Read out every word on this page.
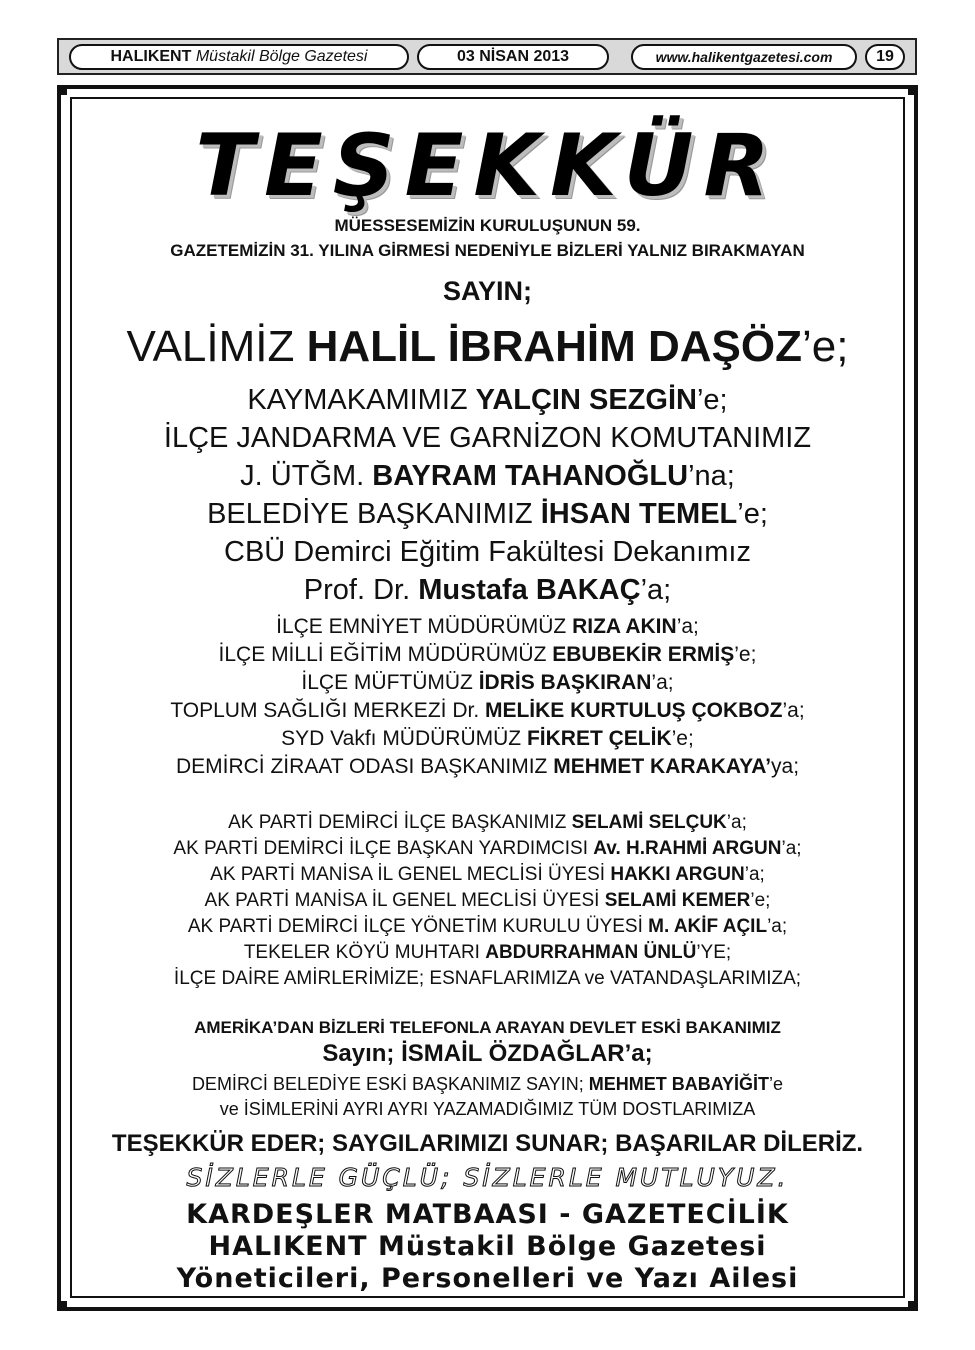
HALIKENT
Müstakil Bölge Gazetesi	03 NİSAN 2013	www.halikentgazetesi.com	19
TEŞEKKÜR
MÜESSESEMİZİN KURULUŞUNUN 59.
GAZETEMİZİN 31. YILINA GİRMESİ NEDENİYLE BİZLERİ YALNIZ BIRAKMAYAN
SAYIN;
VALİMİZ HALİL İBRAHİM DAŞÖZ’e;
KAYMAKAMIMIZ YALÇIN SEZGİN’e;
İLÇE JANDARMA VE GARNİZON KOMUTANIMIZ
J. ÜTĞM. BAYRAM TAHANOĞLU’na;
BELEDİYE BAŞKANIMIZ İHSAN TEMEL’e;
CBÜ Demirci Eğitim Fakültesi Dekanımız
Prof. Dr. Mustafa BAKAÇ’a;
İLÇE EMNİYET MÜDÜRÜMÜZ RIZA AKIN’a;
İLÇE MİLLİ EĞİTİM MÜDÜRÜMÜZ EBUBEKİR ERMİŞ’e;
İLÇE MÜFTÜMÜZ İDRİS BAŞKIRAN’a;
TOPLUM SAĞLIĞI MERKEZİ Dr. MELİKE KURTULUŞ ÇOKBOZ’a;
SYD Vakfı MÜDÜRÜMÜZ FİKRET ÇELİK’e;
DEMİRCİ ZİRAAT ODASI BAŞKANIMIZ MEHMET KARAKAYA’ya;
AK PARTİ DEMİRCİ İLÇE BAŞKANIMIZ SELAMİ SELÇUK’a;
AK PARTİ DEMİRCİ İLÇE BAŞKAN YARDIMCISI Av. H.RAHMİ ARGUN’a;
AK PARTİ MANİSA İL GENEL MECLİSİ ÜYESİ HAKKI ARGUN’a;
AK PARTİ MANİSA İL GENEL MECLİSİ ÜYESİ SELAMİ KEMER’e;
AK PARTİ DEMİRCİ İLÇE YÖNETİM KURULU ÜYESİ M. AKİF AÇIL’a;
TEKELER KÖYÜ MUHTARI ABDURRAHMAN ÜNLÜ’YE;
İLÇE DAİRE AMİRLERİMİZE; ESNAFLARIMIZA ve VATANDAŞLARIMIZA;
AMERİKA’DAN BİZLERİ TELEFONLA ARAYAN DEVLET ESKİ BAKANIMIZ
Sayın; İSMAİL ÖZDAĞLAR’a;
DEMİRCİ BELEDİYE ESKİ BAŞKANIMIZ SAYIN; MEHMET BABAYİĞİT’e
ve İSİMLERİNİ AYRI AYRI YAZAMADIĞIMIZ TÜM DOSTLARIMIZA
TEŞEKKÜR EDER; SAYGILARIMIZI SUNAR; BAŞARILAR DİLERİZ.
SİZLERLE GÜÇLÜ; SİZLERLE MUTLUYUZ.
KARDEŞLER MATBAASI - GAZETECİLİK
HALIKENT Müstakil Bölge Gazetesi
Yöneticileri, Personelleri ve Yazı Ailesi
